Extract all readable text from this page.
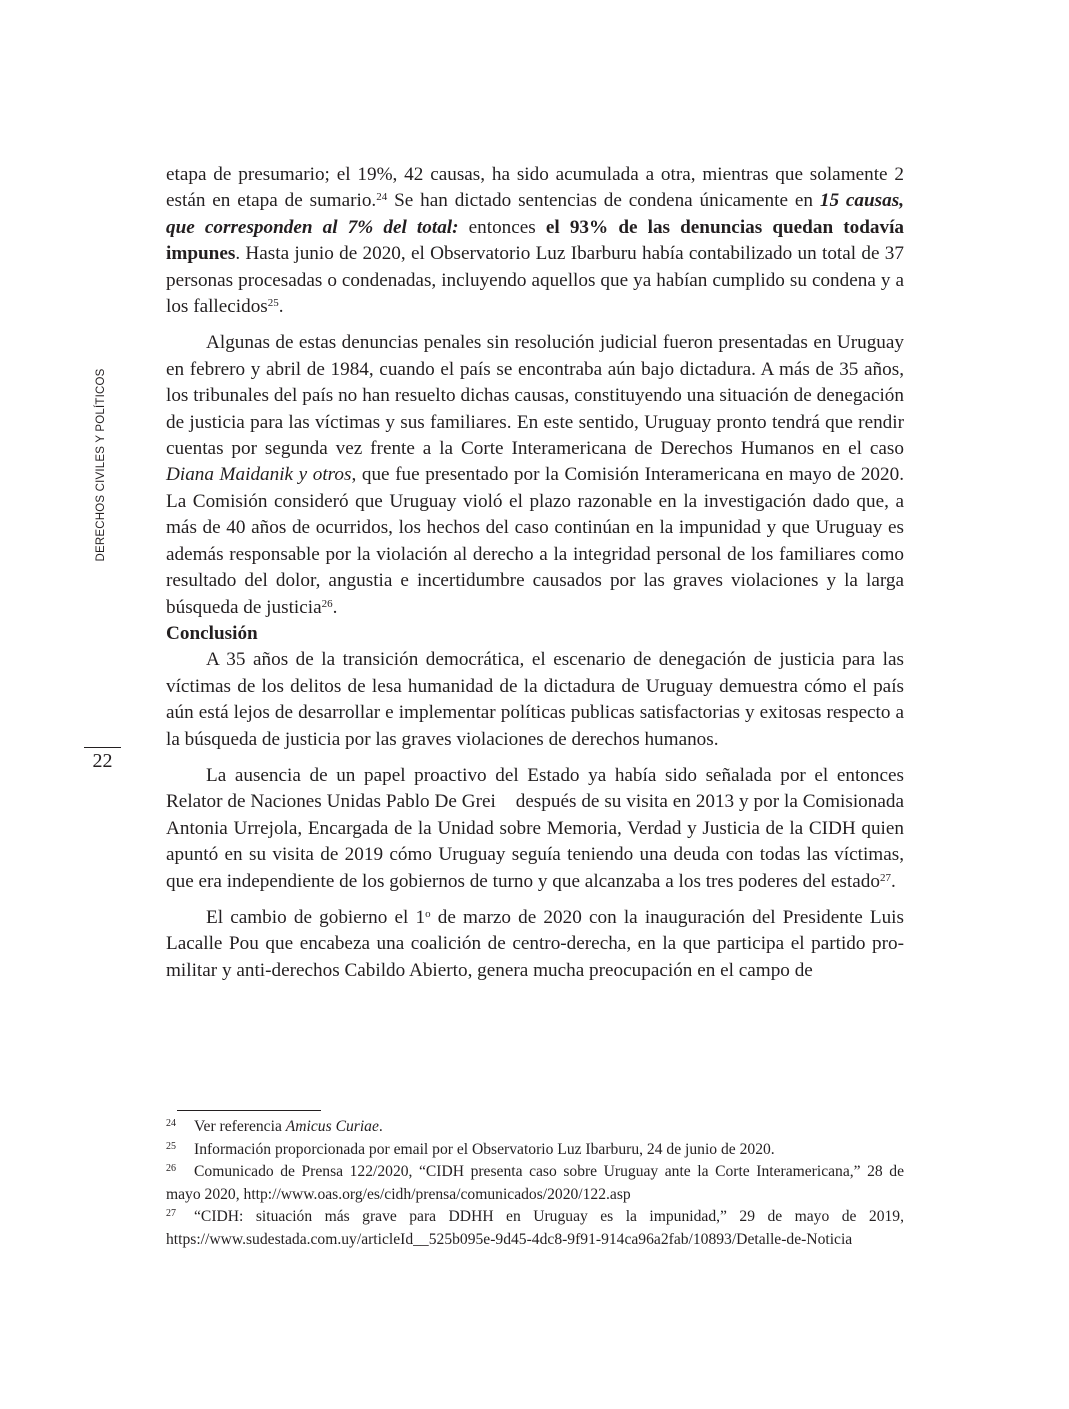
DERECHOS CIVILES Y POLÍTICOS
22

etapa de presumario; el 19%, 42 causas, ha sido acumulada a otra, mientras que solamente 2 están en etapa de sumario.$^{24}$ Se han dictado sentencias de condena únicamente en 15 causas, que corresponden al 7% del total: entonces el 93% de las denuncias quedan todavía impunes. Hasta junio de 2020, el Observatorio Luz Ibarburu había contabilizado un total de 37 personas procesadas o condenadas, incluyendo aquellos que ya habían cumplido su condena y a los fallecidos$^{25}$.

Algunas de estas denuncias penales sin resolución judicial fueron presentadas en Uruguay en febrero y abril de 1984, cuando el país se encontraba aún bajo dictadura. A más de 35 años, los tribunales del país no han resuelto dichas causas, constituyendo una situación de denegación de justicia para las víctimas y sus familiares. En este sentido, Uruguay pronto tendrá que rendir cuentas por segunda vez frente a la Corte Interamericana de Derechos Humanos en el caso Diana Maidanik y otros, que fue presentado por la Comisión Interamericana en mayo de 2020. La Comisión consideró que Uruguay violó el plazo razonable en la investigación dado que, a más de 40 años de ocurridos, los hechos del caso continúan en la impunidad y que Uruguay es además responsable por la violación al derecho a la integridad personal de los familiares como resultado del dolor, angustia e incertidumbre causados por las graves violaciones y la larga búsqueda de justicia$^{26}$.

Conclusión

A 35 años de la transición democrática, el escenario de denegación de justicia para las víctimas de los delitos de lesa humanidad de la dictadura de Uruguay demuestra cómo el país aún está lejos de desarrollar e implementar políticas publicas satisfactorias y exitosas respecto a la búsqueda de justicia por las graves violaciones de derechos humanos.

La ausencia de un papel proactivo del Estado ya había sido señalada por el entonces Relator de Naciones Unidas Pablo De Grei  después de su visita en 2013 y por la Comisionada Antonia Urrejola, Encargada de la Unidad sobre Memoria, Verdad y Justicia de la CIDH quien apuntó en su visita de 2019 cómo Uruguay seguía teniendo una deuda con todas las víctimas, que era independiente de los gobiernos de turno y que alcanzaba a los tres poderes del estado$^{27}$.

El cambio de gobierno el 1$^o$ de marzo de 2020 con la inauguración del Presidente Luis Lacalle Pou que encabeza una coalición de centro-derecha, en la que participa el partido pro-militar y anti-derechos Cabildo Abierto, genera mucha preocupación en el campo de

24 Ver referencia Amicus Curiae.

25 Información proporcionada por email por el Observatorio Luz Ibarburu, 24 de junio de 2020.

26 Comunicado de Prensa 122/2020, “CIDH presenta caso sobre Uruguay ante la Corte Interamericana,” 28 de mayo 2020, http://www.oas.org/es/cidh/prensa/comunicados/2020/122.asp

27 “CIDH: situación más grave para DDHH en Uruguay es la impunidad,” 29 de mayo de 2019, https://www.sudestada.com.uy/articleId__525b095e-9d45-4dc8-9f91-914ca96a2fab/10893/Detalle-de-Noticia
